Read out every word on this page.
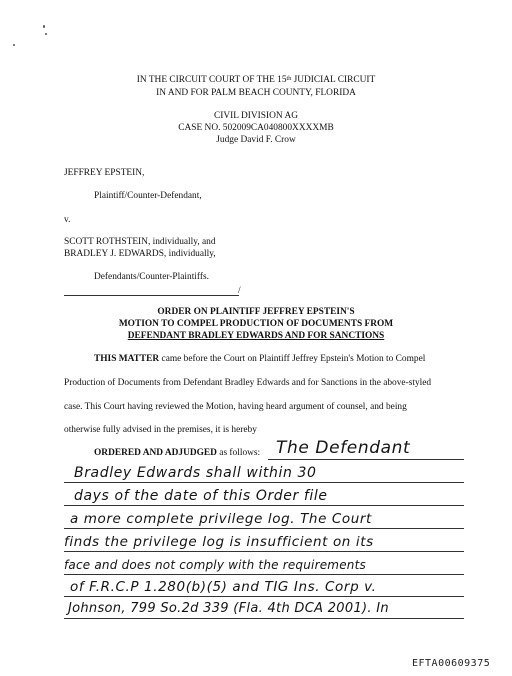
IN THE CIRCUIT COURT OF THE 15th JUDICIAL CIRCUIT
IN AND FOR PALM BEACH COUNTY, FLORIDA
CIVIL DIVISION AG
CASE NO. 502009CA040800XXXXMB
Judge David F. Crow
JEFFREY EPSTEIN,
Plaintiff/Counter-Defendant,
v.
SCOTT ROTHSTEIN, individually, and
BRADLEY J. EDWARDS, individually,
Defendants/Counter-Plaintiffs.
/
ORDER ON PLAINTIFF JEFFREY EPSTEIN'S
MOTION TO COMPEL PRODUCTION OF DOCUMENTS FROM
DEFENDANT BRADLEY EDWARDS AND FOR SANCTIONS
THIS MATTER came before the Court on Plaintiff Jeffrey Epstein's Motion to Compel
Production of Documents from Defendant Bradley Edwards and for Sanctions in the above-styled
case. This Court having reviewed the Motion, having heard argument of counsel, and being
otherwise fully advised in the premises, it is hereby
ORDERED AND ADJUDGED as follows: The Defendant
Bradley Edwards shall within 30
days of the date of this Order file
a more complete privilege log. The Court
finds the privilege log is insufficient on its
face and does not comply with the requirements
of F.R.C.P 1.280(b)(5) and TIG Ins. Corp v.
Johnson, 799 So.2d 339 (Fla. 4th DCA 2001). In
EFTA00609375
